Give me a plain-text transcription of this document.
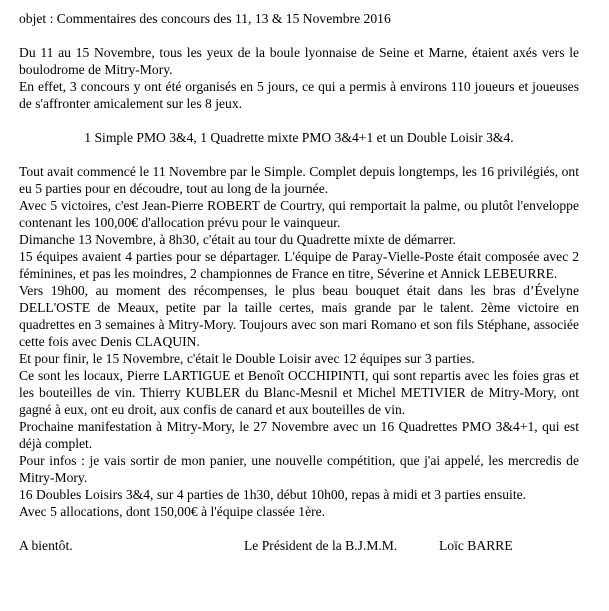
objet : Commentaires des concours des 11, 13 & 15 Novembre 2016

Du 11 au 15 Novembre, tous les yeux de la boule lyonnaise de Seine et Marne, étaient axés vers le boulodrome de Mitry-Mory.

En effet, 3 concours y ont été organisés en 5 jours, ce qui a permis à environs 110 joueurs et joueuses de s'affronter amicalement sur les 8 jeux.

1 Simple PMO 3&4, 1 Quadrette mixte PMO 3&4+1 et un Double Loisir 3&4.

Tout avait commencé le 11 Novembre par le Simple. Complet depuis longtemps, les 16 privilégiés, ont eu 5 parties pour en découdre, tout au long de la journée.

Avec 5 victoires, c'est Jean-Pierre ROBERT de Courtry, qui remportait la palme, ou plutôt l'enveloppe contenant les 100,00€ d'allocation prévu pour le vainqueur.

Dimanche 13 Novembre, à 8h30, c'était au tour du Quadrette mixte de démarrer.

15 équipes avaient 4 parties pour se départager. L'équipe de Paray-Vielle-Poste était composée avec 2 féminines, et pas les moindres, 2 championnes de France en titre, Séverine et Annick LEBEURRE.

Vers 19h00, au moment des récompenses, le plus beau bouquet était dans les bras d’Évelyne DELL'OSTE de Meaux, petite par la taille certes, mais grande par le talent. 2ème victoire en quadrettes en 3 semaines à Mitry-Mory. Toujours avec son mari Romano et son fils Stéphane, associée cette fois avec Denis CLAQUIN.

Et pour finir, le 15 Novembre, c'était le Double Loisir avec 12 équipes sur 3 parties.

Ce sont les locaux, Pierre LARTIGUE et Benoît OCCHIPINTI, qui sont repartis avec les foies gras et les bouteilles de vin. Thierry KUBLER du Blanc-Mesnil et Michel METIVIER de Mitry-Mory, ont gagné à eux, ont eu droit, aux confis de canard et aux bouteilles de vin.

Prochaine manifestation à Mitry-Mory, le 27 Novembre avec un 16 Quadrettes PMO 3&4+1, qui est déjà complet.

Pour infos : je vais sortir de mon panier, une nouvelle compétition, que j'ai appelé, les mercredis de Mitry-Mory.

16 Doubles Loisirs 3&4, sur 4 parties de 1h30, début 10h00, repas à midi et 3 parties ensuite.

Avec 5 allocations, dont 150,00€ à l'équipe classée 1ère.

A bientôt.	Le Président de la B.J.M.M.	Loïc BARRE
